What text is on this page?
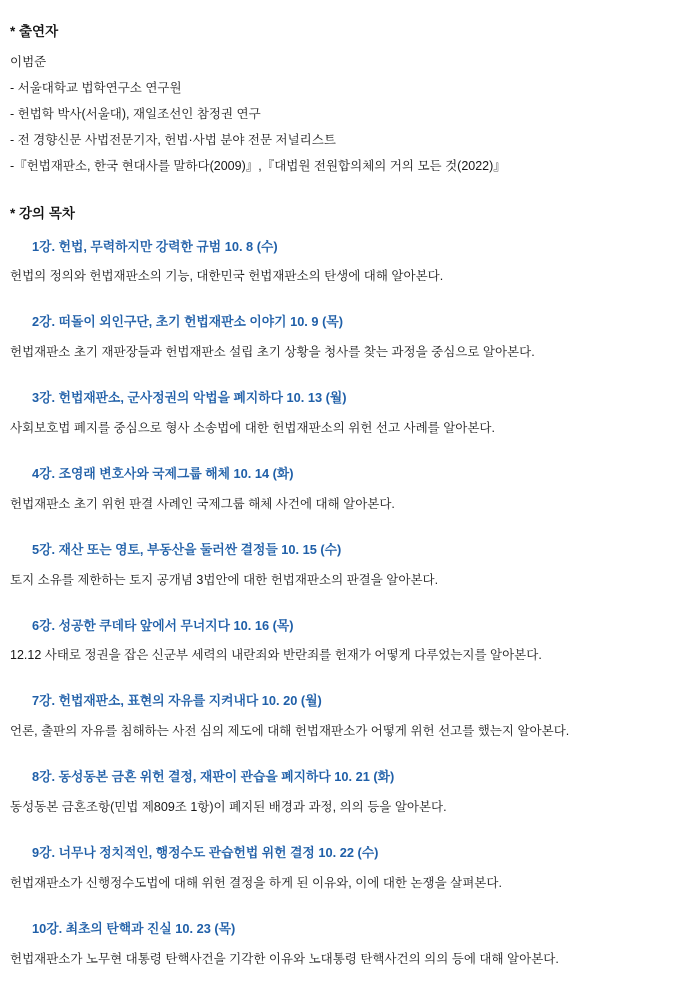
* 출연자

이범준

- 서울대학교 법학연구소 연구원

- 헌법학 박사(서울대), 재일조선인 참정권 연구

- 전 경향신문 사법전문기자, 헌법·사법 분야 전문 저널리스트

-『헌법재판소, 한국 현대사를 말하다(2009)』,『대법원 전원합의체의 거의 모든 것(2022)』

* 강의 목차

1강. 헌법, 무력하지만 강력한 규범 10. 8 (수)

헌법의 정의와 헌법재판소의 기능, 대한민국 헌법재판소의 탄생에 대해 알아본다.

2강. 떠돌이 외인구단, 초기 헌법재판소 이야기 10. 9 (목)

헌법재판소 초기 재판장들과 헌법재판소 설립 초기 상황을 청사를 찾는 과정을 중심으로 알아본다.

3강. 헌법재판소, 군사정권의 악법을 폐지하다 10. 13 (월)

사회보호법 폐지를 중심으로 형사 소송법에 대한 헌법재판소의 위헌 선고 사례를 알아본다.

4강. 조영래 변호사와 국제그룹 해체 10. 14 (화)

헌법재판소 초기 위헌 판결 사례인 국제그룹 해체 사건에 대해 알아본다.

5강. 재산 또는 영토, 부동산을 둘러싼 결정들 10. 15 (수)

토지 소유를 제한하는 토지 공개념 3법안에 대한 헌법재판소의 판결을 알아본다.

6강. 성공한 쿠데타 앞에서 무너지다 10. 16 (목)

12.12 사태로 정권을 잡은 신군부 세력의 내란죄와 반란죄를 헌재가 어떻게 다루었는지를 알아본다.

7강. 헌법재판소, 표현의 자유를 지켜내다 10. 20 (월)

언론, 출판의 자유를 침해하는 사전 심의 제도에 대해 헌법재판소가 어떻게 위헌 선고를 했는지 알아본다.

8강. 동성동본 금혼 위헌 결정, 재판이 관습을 폐지하다 10. 21 (화)

동성동본 금혼조항(민법 제809조 1항)이 폐지된 배경과 과정, 의의 등을 알아본다.

9강. 너무나 정치적인, 행정수도 관습헌법 위헌 결정 10. 22 (수)

헌법재판소가 신행정수도법에 대해 위헌 결정을 하게 된 이유와, 이에 대한 논쟁을 살펴본다.

10강. 최초의 탄핵과 진실 10. 23 (목)

헌법재판소가 노무현 대통령 탄핵사건을 기각한 이유와 노대통령 탄핵사건의 의의 등에 대해 알아본다.
